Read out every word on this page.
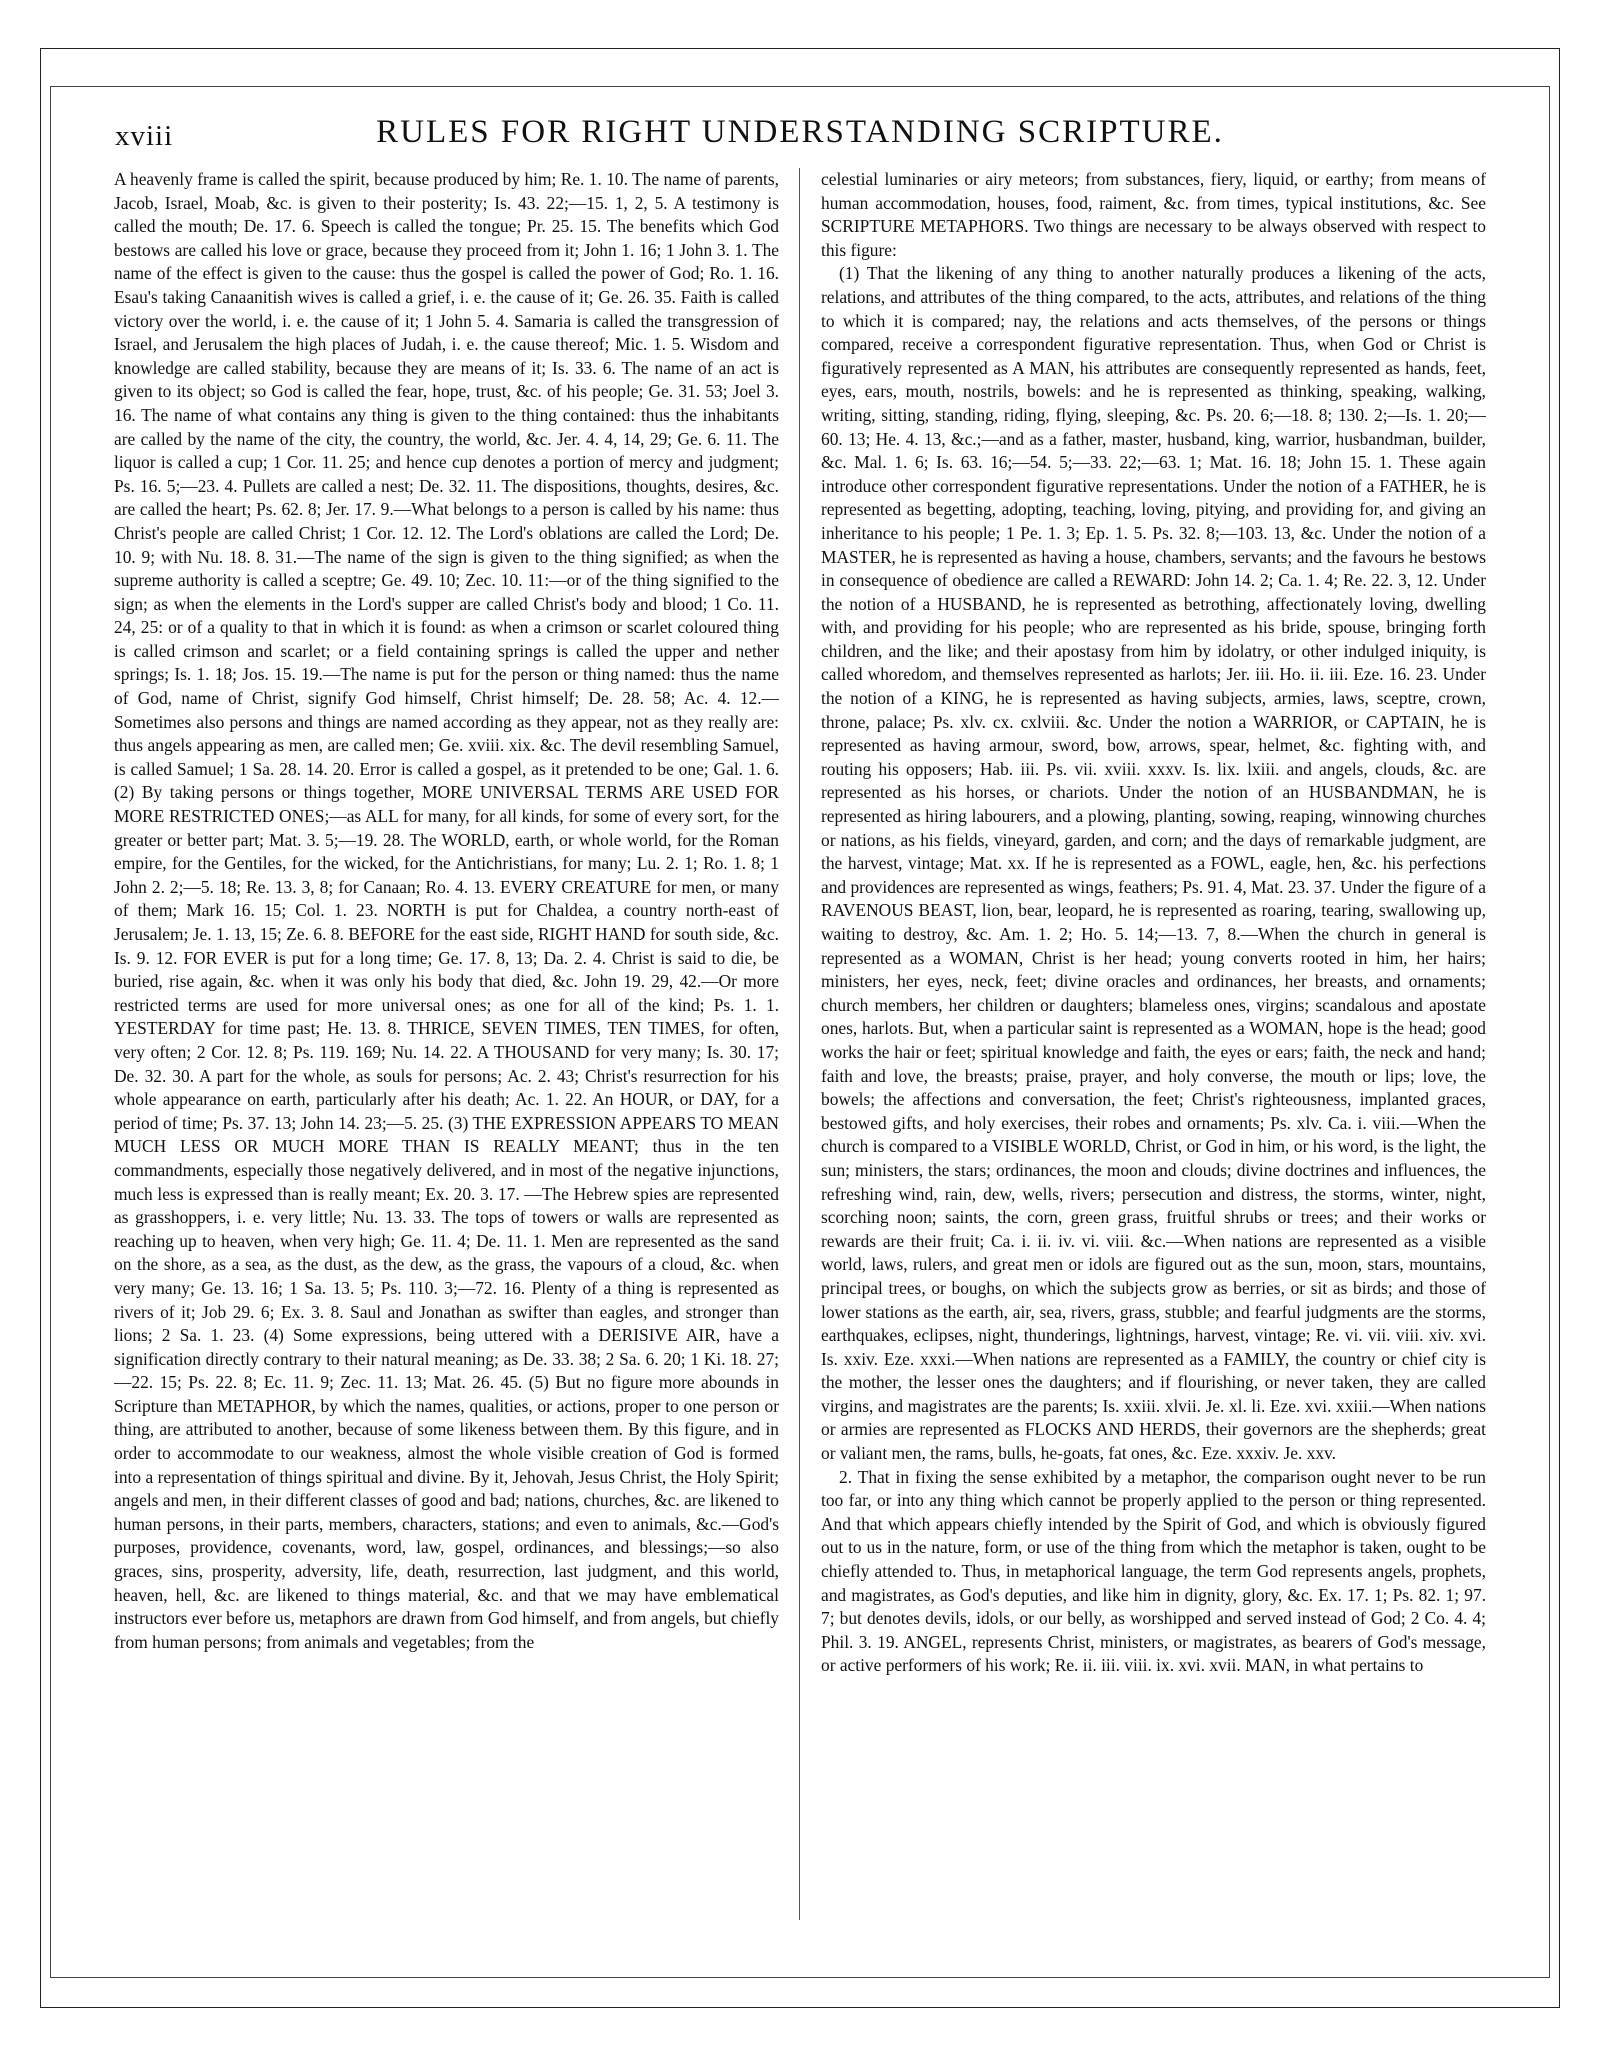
xviii	RULES FOR RIGHT UNDERSTANDING SCRIPTURE.

A heavenly frame is called the spirit, because produced by him; Re. 1. 10. The name of parents, Jacob, Israel, Moab, &c. is given to their posterity; Is. 43. 22;—15. 1, 2, 5. A testimony is called the mouth; De. 17. 6. Speech is called the tongue; Pr. 25. 15. The benefits which God bestows are called his love or grace, because they proceed from it; John 1. 16; 1 John 3. 1. The name of the effect is given to the cause: thus the gospel is called the power of God; Ro. 1. 16. Esau's taking Canaanitish wives is called a grief, i. e. the cause of it; Ge. 26. 35. Faith is called victory over the world, i. e. the cause of it; 1 John 5. 4. Samaria is called the transgression of Israel, and Jerusalem the high places of Judah, i. e. the cause thereof; Mic. 1. 5. Wisdom and knowledge are called stability, because they are means of it; Is. 33. 6. The name of an act is given to its object; so God is called the fear, hope, trust, &c. of his people; Ge. 31. 53; Joel 3. 16. The name of what contains any thing is given to the thing contained: thus the inhabitants are called by the name of the city, the country, the world, &c. Jer. 4. 4, 14, 29; Ge. 6. 11. The liquor is called a cup; 1 Cor. 11. 25; and hence cup denotes a portion of mercy and judgment; Ps. 16. 5;—23. 4. Pullets are called a nest; De. 32. 11. The dispositions, thoughts, desires, &c. are called the heart; Ps. 62. 8; Jer. 17. 9.—What belongs to a person is called by his name: thus Christ's people are called Christ; 1 Cor. 12. 12. The Lord's oblations are called the Lord; De. 10. 9; with Nu. 18. 8. 31.—The name of the sign is given to the thing signified; as when the supreme authority is called a sceptre; Ge. 49. 10; Zec. 10. 11:—or of the thing signified to the sign; as when the elements in the Lord's supper are called Christ's body and blood; 1 Co. 11. 24, 25: or of a quality to that in which it is found: as when a crimson or scarlet coloured thing is called crimson and scarlet; or a field containing springs is called the upper and nether springs; Is. 1. 18; Jos. 15. 19.—The name is put for the person or thing named: thus the name of God, name of Christ, signify God himself, Christ himself; De. 28. 58; Ac. 4. 12.—Sometimes also persons and things are named according as they appear, not as they really are: thus angels appearing as men, are called men; Ge. xviii. xix. &c. The devil resembling Samuel, is called Samuel; 1 Sa. 28. 14. 20. Error is called a gospel, as it pretended to be one; Gal. 1. 6. (2) By taking persons or things together, MORE UNIVERSAL TERMS ARE USED FOR MORE RESTRICTED ONES;—as ALL for many, for all kinds, for some of every sort, for the greater or better part; Mat. 3. 5;—19. 28. The WORLD, earth, or whole world, for the Roman empire, for the Gentiles, for the wicked, for the Antichristians, for many; Lu. 2. 1; Ro. 1. 8; 1 John 2. 2;—5. 18; Re. 13. 3, 8; for Canaan; Ro. 4. 13. EVERY CREATURE for men, or many of them; Mark 16. 15; Col. 1. 23. NORTH is put for Chaldea, a country north-east of Jerusalem; Je. 1. 13, 15; Ze. 6. 8. BEFORE for the east side, RIGHT HAND for south side, &c. Is. 9. 12. FOR EVER is put for a long time; Ge. 17. 8, 13; Da. 2. 4. Christ is said to die, be buried, rise again, &c. when it was only his body that died, &c. John 19. 29, 42.—Or more restricted terms are used for more universal ones; as one for all of the kind; Ps. 1. 1. YESTERDAY for time past; He. 13. 8. THRICE, SEVEN TIMES, TEN TIMES, for often, very often; 2 Cor. 12. 8; Ps. 119. 169; Nu. 14. 22. A THOUSAND for very many; Is. 30. 17; De. 32. 30. A part for the whole, as souls for persons; Ac. 2. 43; Christ's resurrection for his whole appearance on earth, particularly after his death; Ac. 1. 22. An HOUR, or DAY, for a period of time; Ps. 37. 13; John 14. 23;—5. 25. (3) THE EXPRESSION APPEARS TO MEAN MUCH LESS OR MUCH MORE THAN IS REALLY MEANT; thus in the ten commandments, especially those negatively delivered, and in most of the negative injunctions, much less is expressed than is really meant; Ex. 20. 3. 17. —The Hebrew spies are represented as grasshoppers, i. e. very little; Nu. 13. 33. The tops of towers or walls are represented as reaching up to heaven, when very high; Ge. 11. 4; De. 11. 1. Men are represented as the sand on the shore, as a sea, as the dust, as the dew, as the grass, the vapours of a cloud, &c. when very many; Ge. 13. 16; 1 Sa. 13. 5; Ps. 110. 3;—72. 16. Plenty of a thing is represented as rivers of it; Job 29. 6; Ex. 3. 8. Saul and Jonathan as swifter than eagles, and stronger than lions; 2 Sa. 1. 23. (4) Some expressions, being uttered with a DERISIVE AIR, have a signification directly contrary to their natural meaning; as De. 33. 38; 2 Sa. 6. 20; 1 Ki. 18. 27;—22. 15; Ps. 22. 8; Ec. 11. 9; Zec. 11. 13; Mat. 26. 45. (5) But no figure more abounds in Scripture than METAPHOR, by which the names, qualities, or actions, proper to one person or thing, are attributed to another, because of some likeness between them. By this figure, and in order to accommodate to our weakness, almost the whole visible creation of God is formed into a representation of things spiritual and divine. By it, Jehovah, Jesus Christ, the Holy Spirit; angels and men, in their different classes of good and bad; nations, churches, &c. are likened to human persons, in their parts, members, characters, stations; and even to animals, &c.—God's purposes, providence, covenants, word, law, gospel, ordinances, and blessings;—so also graces, sins, prosperity, adversity, life, death, resurrection, last judgment, and this world, heaven, hell, &c. are likened to things material, &c. and that we may have emblematical instructors ever before us, metaphors are drawn from God himself, and from angels, but chiefly from human persons; from animals and vegetables; from the

celestial luminaries or airy meteors; from substances, fiery, liquid, or earthy; from means of human accommodation, houses, food, raiment, &c. from times, typical institutions, &c. See SCRIPTURE METAPHORS. Two things are necessary to be always observed with respect to this figure:

(1) That the likening of any thing to another naturally produces a likening of the acts, relations, and attributes of the thing compared, to the acts, attributes, and relations of the thing to which it is compared; nay, the relations and acts themselves, of the persons or things compared, receive a correspondent figurative representation. Thus, when God or Christ is figuratively represented as A MAN, his attributes are consequently represented as hands, feet, eyes, ears, mouth, nostrils, bowels: and he is represented as thinking, speaking, walking, writing, sitting, standing, riding, flying, sleeping, &c. Ps. 20. 6;—18. 8; 130. 2;—Is. 1. 20;—60. 13; He. 4. 13, &c.;—and as a father, master, husband, king, warrior, husbandman, builder, &c. Mal. 1. 6; Is. 63. 16;—54. 5;—33. 22;—63. 1; Mat. 16. 18; John 15. 1. These again introduce other correspondent figurative representations. Under the notion of a FATHER, he is represented as begetting, adopting, teaching, loving, pitying, and providing for, and giving an inheritance to his people; 1 Pe. 1. 3; Ep. 1. 5. Ps. 32. 8;—103. 13, &c. Under the notion of a MASTER, he is represented as having a house, chambers, servants; and the favours he bestows in consequence of obedience are called a REWARD: John 14. 2; Ca. 1. 4; Re. 22. 3, 12. Under the notion of a HUSBAND, he is represented as betrothing, affectionately loving, dwelling with, and providing for his people; who are represented as his bride, spouse, bringing forth children, and the like; and their apostasy from him by idolatry, or other indulged iniquity, is called whoredom, and themselves represented as harlots; Jer. iii. Ho. ii. iii. Eze. 16. 23. Under the notion of a KING, he is represented as having subjects, armies, laws, sceptre, crown, throne, palace; Ps. xlv. cx. cxlviii. &c. Under the notion a WARRIOR, or CAPTAIN, he is represented as having armour, sword, bow, arrows, spear, helmet, &c. fighting with, and routing his opposers; Hab. iii. Ps. vii. xviii. xxxv. Is. lix. lxiii. and angels, clouds, &c. are represented as his horses, or chariots. Under the notion of an HUSBANDMAN, he is represented as hiring labourers, and a plowing, planting, sowing, reaping, winnowing churches or nations, as his fields, vineyard, garden, and corn; and the days of remarkable judgment, are the harvest, vintage; Mat. xx. If he is represented as a FOWL, eagle, hen, &c. his perfections and providences are represented as wings, feathers; Ps. 91. 4, Mat. 23. 37. Under the figure of a RAVENOUS BEAST, lion, bear, leopard, he is represented as roaring, tearing, swallowing up, waiting to destroy, &c. Am. 1. 2; Ho. 5. 14;—13. 7, 8.—When the church in general is represented as a WOMAN, Christ is her head; young converts rooted in him, her hairs; ministers, her eyes, neck, feet; divine oracles and ordinances, her breasts, and ornaments; church members, her children or daughters; blameless ones, virgins; scandalous and apostate ones, harlots. But, when a particular saint is represented as a WOMAN, hope is the head; good works the hair or feet; spiritual knowledge and faith, the eyes or ears; faith, the neck and hand; faith and love, the breasts; praise, prayer, and holy converse, the mouth or lips; love, the bowels; the affections and conversation, the feet; Christ's righteousness, implanted graces, bestowed gifts, and holy exercises, their robes and ornaments; Ps. xlv. Ca. i. viii.—When the church is compared to a VISIBLE WORLD, Christ, or God in him, or his word, is the light, the sun; ministers, the stars; ordinances, the moon and clouds; divine doctrines and influences, the refreshing wind, rain, dew, wells, rivers; persecution and distress, the storms, winter, night, scorching noon; saints, the corn, green grass, fruitful shrubs or trees; and their works or rewards are their fruit; Ca. i. ii. iv. vi. viii. &c.—When nations are represented as a visible world, laws, rulers, and great men or idols are figured out as the sun, moon, stars, mountains, principal trees, or boughs, on which the subjects grow as berries, or sit as birds; and those of lower stations as the earth, air, sea, rivers, grass, stubble; and fearful judgments are the storms, earthquakes, eclipses, night, thunderings, lightnings, harvest, vintage; Re. vi. vii. viii. xiv. xvi. Is. xxiv. Eze. xxxi.—When nations are represented as a FAMILY, the country or chief city is the mother, the lesser ones the daughters; and if flourishing, or never taken, they are called virgins, and magistrates are the parents; Is. xxiii. xlvii. Je. xl. li. Eze. xvi. xxiii.—When nations or armies are represented as FLOCKS AND HERDS, their governors are the shepherds; great or valiant men, the rams, bulls, he-goats, fat ones, &c. Eze. xxxiv. Je. xxv.

2. That in fixing the sense exhibited by a metaphor, the comparison ought never to be run too far, or into any thing which cannot be properly applied to the person or thing represented. And that which appears chiefly intended by the Spirit of God, and which is obviously figured out to us in the nature, form, or use of the thing from which the metaphor is taken, ought to be chiefly attended to. Thus, in metaphorical language, the term God represents angels, prophets, and magistrates, as God's deputies, and like him in dignity, glory, &c. Ex. 17. 1; Ps. 82. 1; 97. 7; but denotes devils, idols, or our belly, as worshipped and served instead of God; 2 Co. 4. 4; Phil. 3. 19. ANGEL, represents Christ, ministers, or magistrates, as bearers of God's message, or active performers of his work; Re. ii. iii. viii. ix. xvi. xvii. MAN, in what pertains to
